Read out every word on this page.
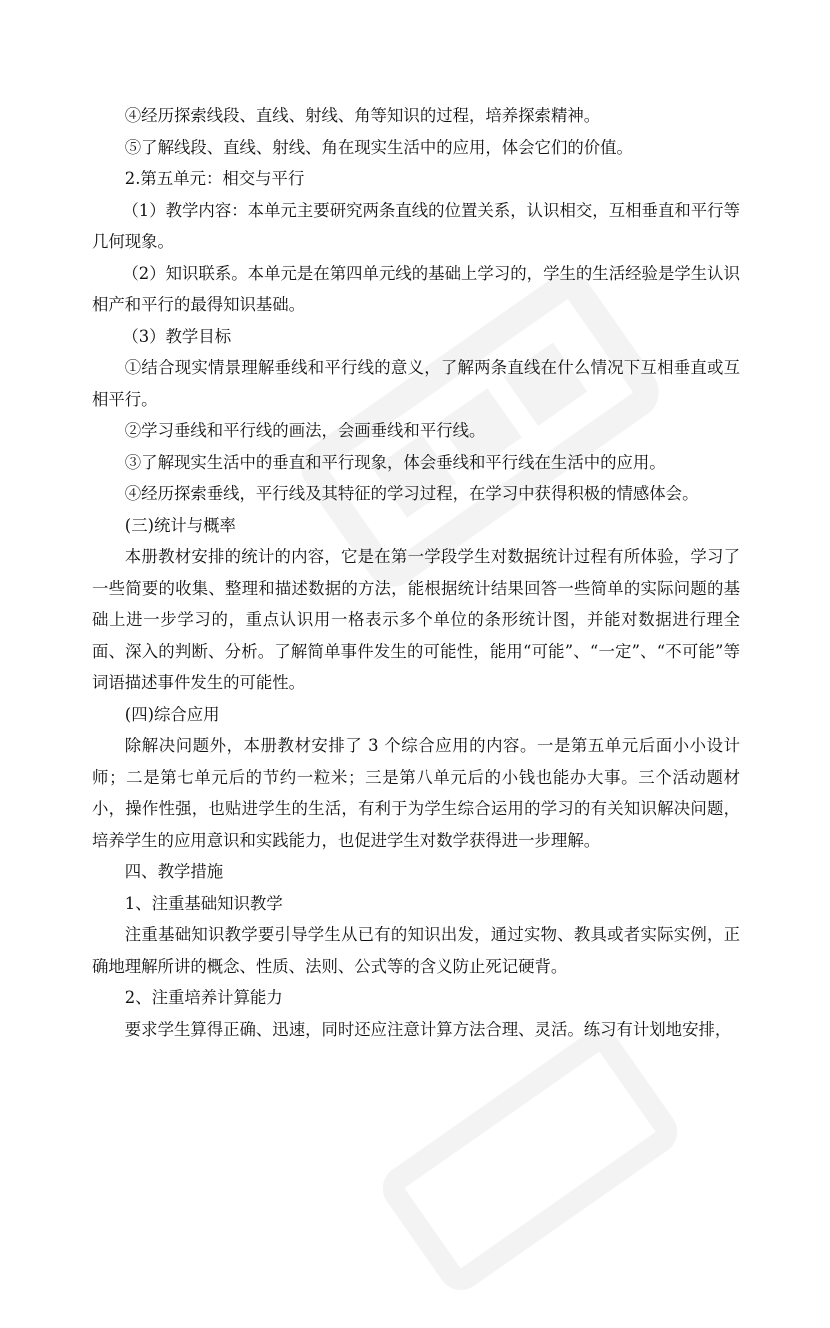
④经历探索线段、直线、射线、角等知识的过程，培养探索精神。

⑤了解线段、直线、射线、角在现实生活中的应用，体会它们的价值。

2.第五单元：相交与平行

（1）教学内容：本单元主要研究两条直线的位置关系，认识相交，互相垂直和平行等几何现象。

（2）知识联系。本单元是在第四单元线的基础上学习的，学生的生活经验是学生认识相产和平行的最得知识基础。

（3）教学目标

①结合现实情景理解垂线和平行线的意义，了解两条直线在什么情况下互相垂直或互相平行。

②学习垂线和平行线的画法，会画垂线和平行线。

③了解现实生活中的垂直和平行现象，体会垂线和平行线在生活中的应用。

④经历探索垂线，平行线及其特征的学习过程，在学习中获得积极的情感体会。

(三)统计与概率

本册教材安排的统计的内容，它是在第一学段学生对数据统计过程有所体验，学习了一些简要的收集、整理和描述数据的方法，能根据统计结果回答一些简单的实际问题的基础上进一步学习的，重点认识用一格表示多个单位的条形统计图，并能对数据进行理全面、深入的判断、分析。了解简单事件发生的可能性，能用“可能”、“一定”、“不可能”等词语描述事件发生的可能性。

(四)综合应用

除解决问题外，本册教材安排了 3 个综合应用的内容。一是第五单元后面小小设计师；二是第七单元后的节约一粒米；三是第八单元后的小钱也能办大事。三个活动题材小，操作性强，也贴进学生的生活，有利于为学生综合运用的学习的有关知识解决问题，培养学生的应用意识和实践能力，也促进学生对数学获得进一步理解。

四、教学措施

1、注重基础知识教学

注重基础知识教学要引导学生从已有的知识出发，通过实物、教具或者实际实例，正确地理解所讲的概念、性质、法则、公式等的含义防止死记硬背。

2、注重培养计算能力

要求学生算得正确、迅速，同时还应注意计算方法合理、灵活。练习有计划地安排，
